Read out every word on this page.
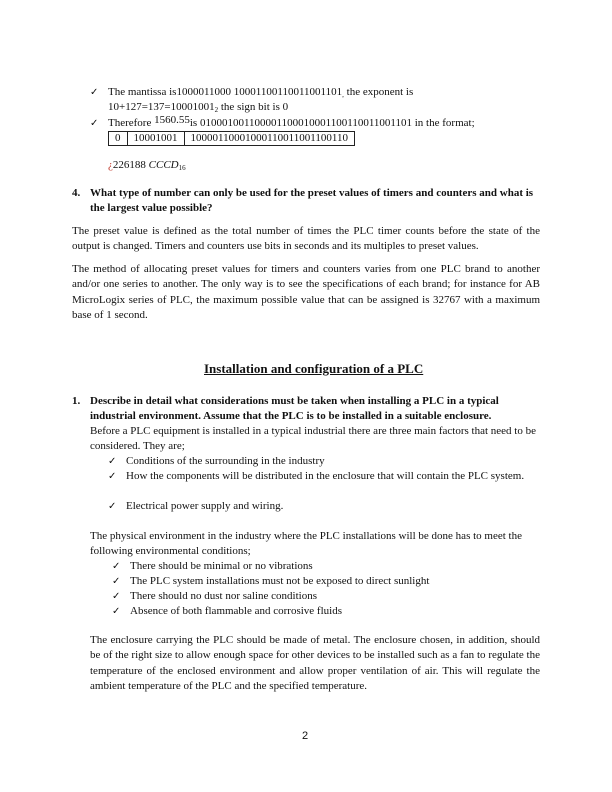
✓ The mantissa is1000011000 $10001100110011001101_,$ the exponent is
$10+127=137=10001001_2$ the sign bit is 0
✓ Therefore 1560.55is 010001001100001100010001100110011001101 in the format;
0	10001001	10000110001000110011001100110
¿226188 $CCCD_{16}$
4. What type of number can only be used for the preset values of timers and counters and what is the largest value possible?
The preset value is defined as the total number of times the PLC timer counts before the state of the output is changed. Timers and counters use bits in seconds and its multiples to preset values.
The method of allocating preset values for timers and counters varies from one PLC brand to another and/or one series to another. The only way is to see the specifications of each brand; for instance for AB MicroLogix series of PLC, the maximum possible value that can be assigned is 32767 with a maximum base of 1 second.
Installation and configuration of a PLC
1. Describe in detail what considerations must be taken when installing a PLC in a typical industrial environment. Assume that the PLC is to be installed in a suitable enclosure.
Before a PLC equipment is installed in a typical industrial there are three main factors that need to be considered. They are;
✓ Conditions of the surrounding in the industry
✓ How the components will be distributed in the enclosure that will contain the PLC system.
✓ Electrical power supply and wiring.
The physical environment in the industry where the PLC installations will be done has to meet the following environmental conditions;
✓ There should be minimal or no vibrations
✓ The PLC system installations must not be exposed to direct sunlight
✓ There should no dust nor saline conditions
✓ Absence of both flammable and corrosive fluids
The enclosure carrying the PLC should be made of metal. The enclosure chosen, in addition, should be of the right size to allow enough space for other devices to be installed such as a fan to regulate the temperature of the enclosed environment and allow proper ventilation of air. This will regulate the ambient temperature of the PLC and the specified temperature.
2
